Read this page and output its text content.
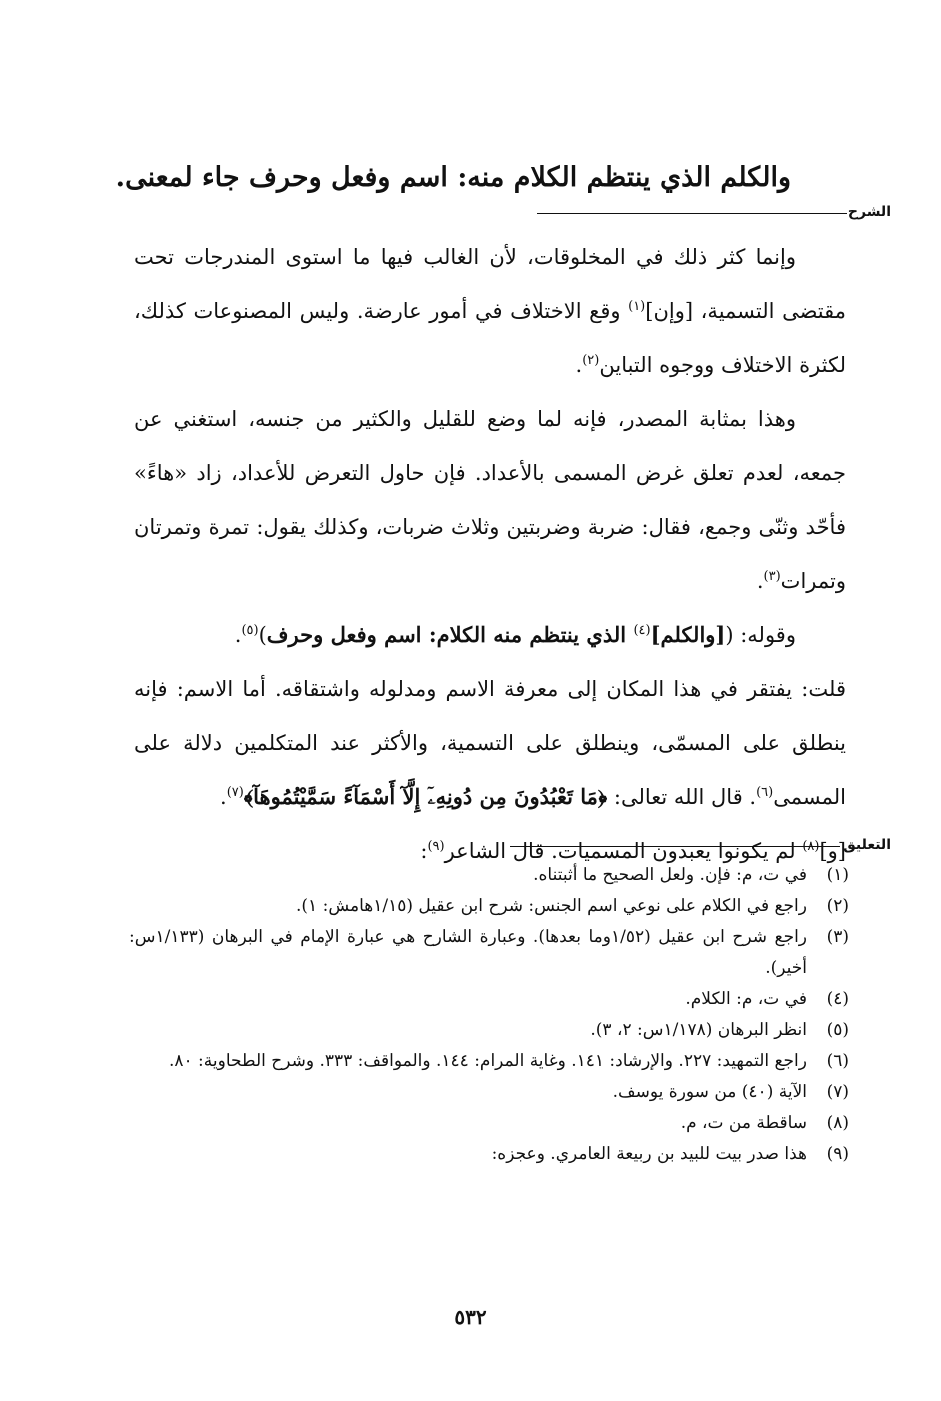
والكلم الذي ينتظم الكلام منه: اسم وفعل وحرف جاء لمعنى.
الشرح

وإنما كثر ذلك في المخلوقات، لأن الغالب فيها ما استوى المندرجات تحت مقتضى التسمية، [وإن]$^{(١)}$ وقع الاختلاف في أمور عارضة. وليس المصنوعات كذلك، لكثرة الاختلاف ووجوه التباين$^{(٢)}$.

وهذا بمثابة المصدر، فإنه لما وضع للقليل والكثير من جنسه، استغني عن جمعه، لعدم تعلق غرض المسمى بالأعداد. فإن حاول التعرض للأعداد، زاد «هاءً» فأحّد وثنّى وجمع، فقال: ضربة وضربتين وثلاث ضربات، وكذلك يقول: تمرة وتمرتان وتمرات$^{(٣)}$.

وقوله: ([والكلم]$^{(٤)}$ الذي ينتظم منه الكلام: اسم وفعل وحرف)$^{(٥)}$.

قلت: يفتقر في هذا المكان إلى معرفة الاسم ومدلوله واشتقاقه. أما الاسم: فإنه ينطلق على المسمّى، وينطلق على التسمية، والأكثر عند المتكلمين دلالة على المسمى$^{(٦)}$. قال الله تعالى: ﴿مَا تَعْبُدُونَ مِن دُونِهِۦٓ إِلَّآ أَسْمَآءً سَمَّيْتُمُوهَآ﴾$^{(٧)}$.

[و]$^{(٨)}$ لم يكونوا يعبدون المسميات. قال الشاعر$^{(٩)}$:	التعليق
(١)
في ت، م: فإن. ولعل الصحيح ما أثبتناه.
(٢)
راجع في الكلام على نوعي اسم الجنس: شرح ابن عقيل (١/١٥هامش: ١).
(٣)
راجع شرح ابن عقيل (١/٥٢وما بعدها). وعبارة الشارح هي عبارة الإمام في البرهان (١/١٣٣س: أخير).
(٤)
في ت، م: الكلام.
(٥)
انظر البرهان (١/١٧٨س: ٢، ٣).
(٦)
راجع التمهيد: ٢٢٧. والإرشاد: ١٤١. وغاية المرام: ١٤٤. والمواقف: ٣٣٣. وشرح الطحاوية: ٨٠.
(٧)
الآية (٤٠) من سورة يوسف.
(٨)
ساقطة من ت، م.
(٩)
هذا صدر بيت للبيد بن ربيعة العامري. وعجزه:
٥٣٢
